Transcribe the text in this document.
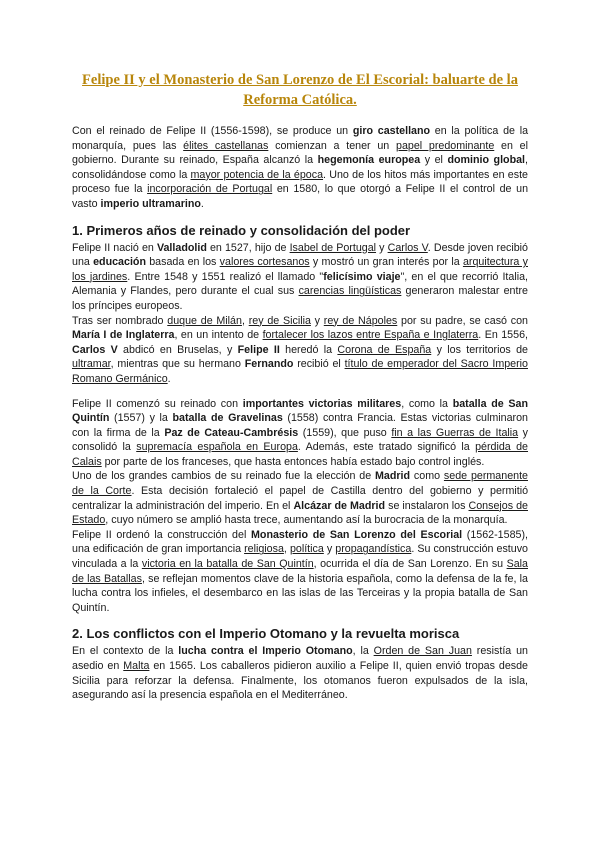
Felipe II y el Monasterio de San Lorenzo de El Escorial: baluarte de la
Reforma Católica.

Con el reinado de Felipe II (1556-1598), se produce un giro castellano en la política de la monarquía, pues las élites castellanas comienzan a tener un papel predominante en el gobierno. Durante su reinado, España alcanzó la hegemonía europea y el dominio global, consolidándose como la mayor potencia de la época. Uno de los hitos más importantes en este proceso fue la incorporación de Portugal en 1580, lo que otorgó a Felipe II el control de un vasto imperio ultramarino.

1. Primeros años de reinado y consolidación del poder

Felipe II nació en Valladolid en 1527, hijo de Isabel de Portugal y Carlos V. Desde joven recibió una educación basada en los valores cortesanos y mostró un gran interés por la arquitectura y los jardines. Entre 1548 y 1551 realizó el llamado "felicísimo viaje", en el que recorrió Italia, Alemania y Flandes, pero durante el cual sus carencias lingüísticas generaron malestar entre los príncipes europeos.

Tras ser nombrado duque de Milán, rey de Sicilia y rey de Nápoles por su padre, se casó con María I de Inglaterra, en un intento de fortalecer los lazos entre España e Inglaterra. En 1556, Carlos V abdicó en Bruselas, y Felipe II heredó la Corona de España y los territorios de ultramar, mientras que su hermano Fernando recibió el título de emperador del Sacro Imperio Romano Germánico.

Felipe II comenzó su reinado con importantes victorias militares, como la batalla de San Quintín (1557) y la batalla de Gravelinas (1558) contra Francia. Estas victorias culminaron con la firma de la Paz de Cateau-Cambrésis (1559), que puso fin a las Guerras de Italia y consolidó la supremacía española en Europa. Además, este tratado significó la pérdida de Calais por parte de los franceses, que hasta entonces había estado bajo control inglés.

Uno de los grandes cambios de su reinado fue la elección de Madrid como sede permanente de la Corte. Esta decisión fortaleció el papel de Castilla dentro del gobierno y permitió centralizar la administración del imperio. En el Alcázar de Madrid se instalaron los Consejos de Estado, cuyo número se amplió hasta trece, aumentando así la burocracia de la monarquía.

Felipe II ordenó la construcción del Monasterio de San Lorenzo del Escorial (1562-1585), una edificación de gran importancia religiosa, política y propagandística. Su construcción estuvo vinculada a la victoria en la batalla de San Quintín, ocurrida el día de San Lorenzo. En su Sala de las Batallas, se reflejan momentos clave de la historia española, como la defensa de la fe, la lucha contra los infieles, el desembarco en las islas de las Terceiras y la propia batalla de San Quintín.

2. Los conflictos con el Imperio Otomano y la revuelta morisca

En el contexto de la lucha contra el Imperio Otomano, la Orden de San Juan resistía un asedio en Malta en 1565. Los caballeros pidieron auxilio a Felipe II, quien envió tropas desde Sicilia para reforzar la defensa. Finalmente, los otomanos fueron expulsados de la isla, asegurando así la presencia española en el Mediterráneo.
